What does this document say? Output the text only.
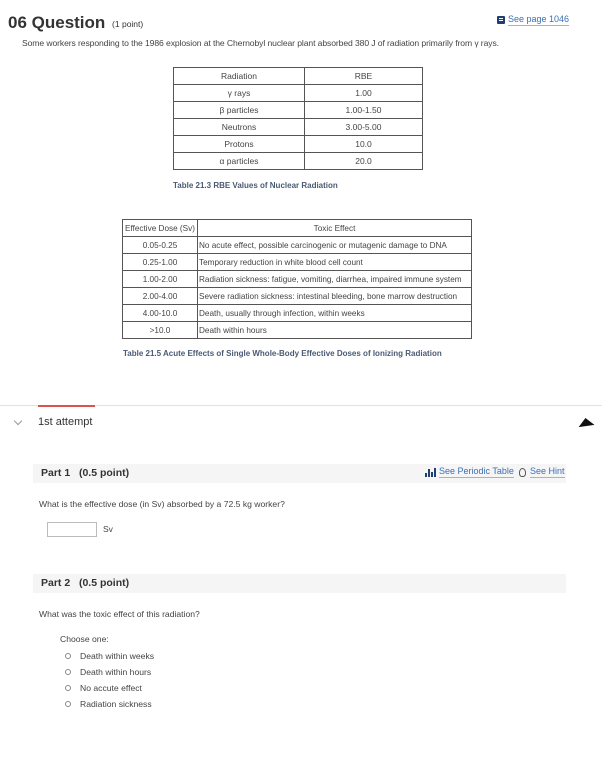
06 Question (1 point)	See page 1046
Some workers responding to the 1986 explosion at the Chernobyl nuclear plant absorbed 380 J of radiation primarily from γ rays.
Radiation	RBE
γ rays	1.00
β particles	1.00-1.50
Neutrons	3.00-5.00
Protons	10.0
α particles	20.0
Table 21.3 RBE Values of Nuclear Radiation
Effective Dose (Sv)	Toxic Effect
0.05-0.25	No acute effect, possible carcinogenic or mutagenic damage to DNA
0.25-1.00	Temporary reduction in white blood cell count
1.00-2.00	Radiation sickness: fatigue, vomiting, diarrhea, impaired immune system
2.00-4.00	Severe radiation sickness: intestinal bleeding, bone marrow destruction
4.00-10.0	Death, usually through infection, within weeks
>10.0	Death within hours
Table 21.5 Acute Effects of Single Whole-Body Effective Doses of Ionizing Radiation
1st attempt
Part 1 (0.5 point)	See Periodic Table See Hint
What is the effective dose (in Sv) absorbed by a 72.5 kg worker?
Sv
Part 2 (0.5 point)
What was the toxic effect of this radiation?
Choose one:
Death within weeks
Death within hours
No accute effect
Radiation sickness
